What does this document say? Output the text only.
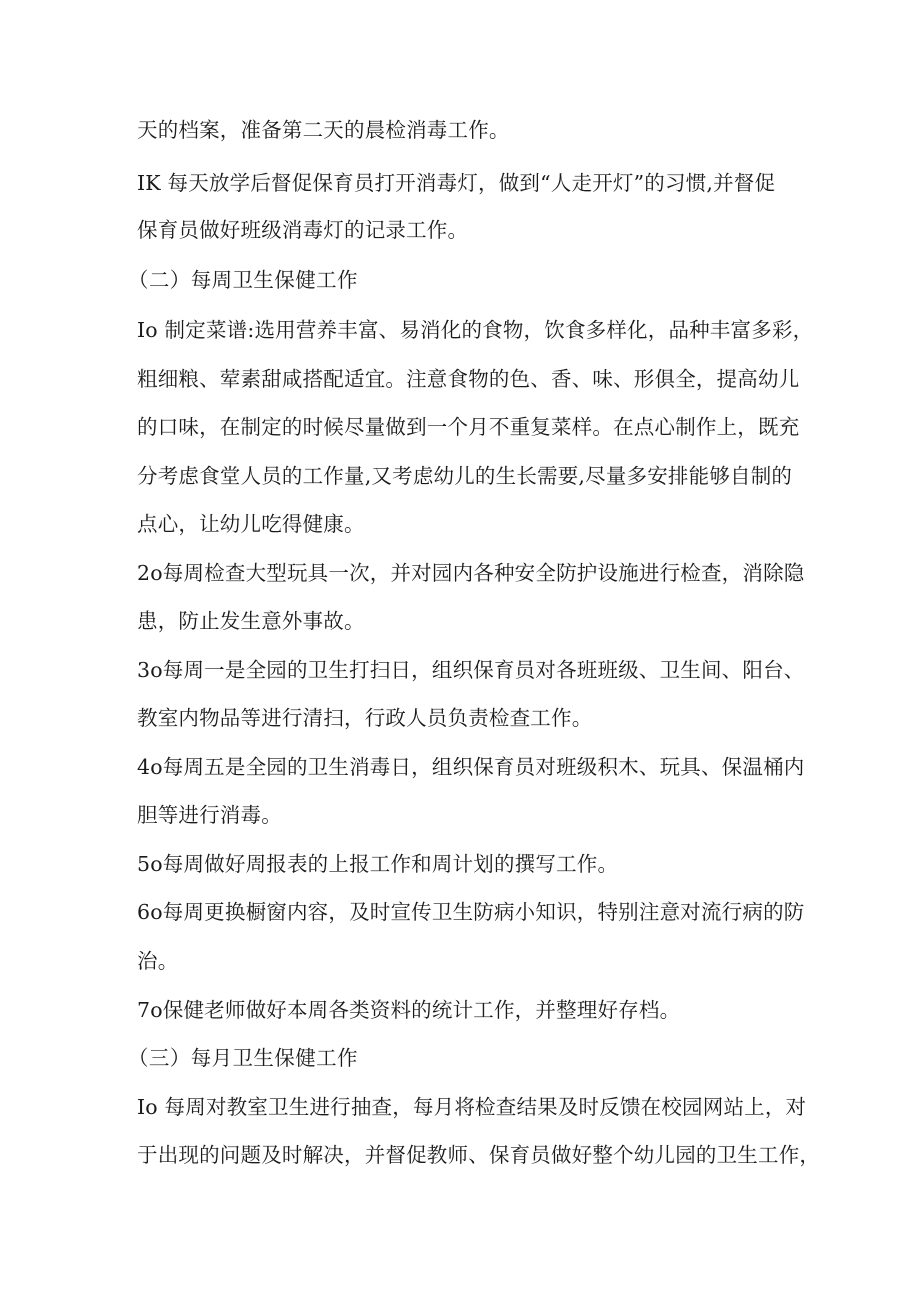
天的档案，准备第二天的晨检消毒工作。
IK 每天放学后督促保育员打开消毒灯，做到“人走开灯”的习惯,并督促
保育员做好班级消毒灯的记录工作。
（二）每周卫生保健工作
Io 制定菜谱:选用营养丰富、易消化的食物，饮食多样化，品种丰富多彩，
粗细粮、荤素甜咸搭配适宜。注意食物的色、香、味、形俱全，提高幼儿
的口味，在制定的时候尽量做到一个月不重复菜样。在点心制作上，既充
分考虑食堂人员的工作量,又考虑幼儿的生长需要,尽量多安排能够自制的
点心，让幼儿吃得健康。
2o每周检查大型玩具一次，并对园内各种安全防护设施进行检查，消除隐
患，防止发生意外事故。
3o每周一是全园的卫生打扫日，组织保育员对各班班级、卫生间、阳台、
教室内物品等进行清扫，行政人员负责检查工作。
4o每周五是全园的卫生消毒日，组织保育员对班级积木、玩具、保温桶内
胆等进行消毒。
5o每周做好周报表的上报工作和周计划的撰写工作。
6o每周更换橱窗内容，及时宣传卫生防病小知识，特别注意对流行病的防
治。
7o保健老师做好本周各类资料的统计工作，并整理好存档。
（三）每月卫生保健工作
Io 每周对教室卫生进行抽查，每月将检查结果及时反馈在校园网站上，对
于出现的问题及时解决，并督促教师、保育员做好整个幼儿园的卫生工作，
